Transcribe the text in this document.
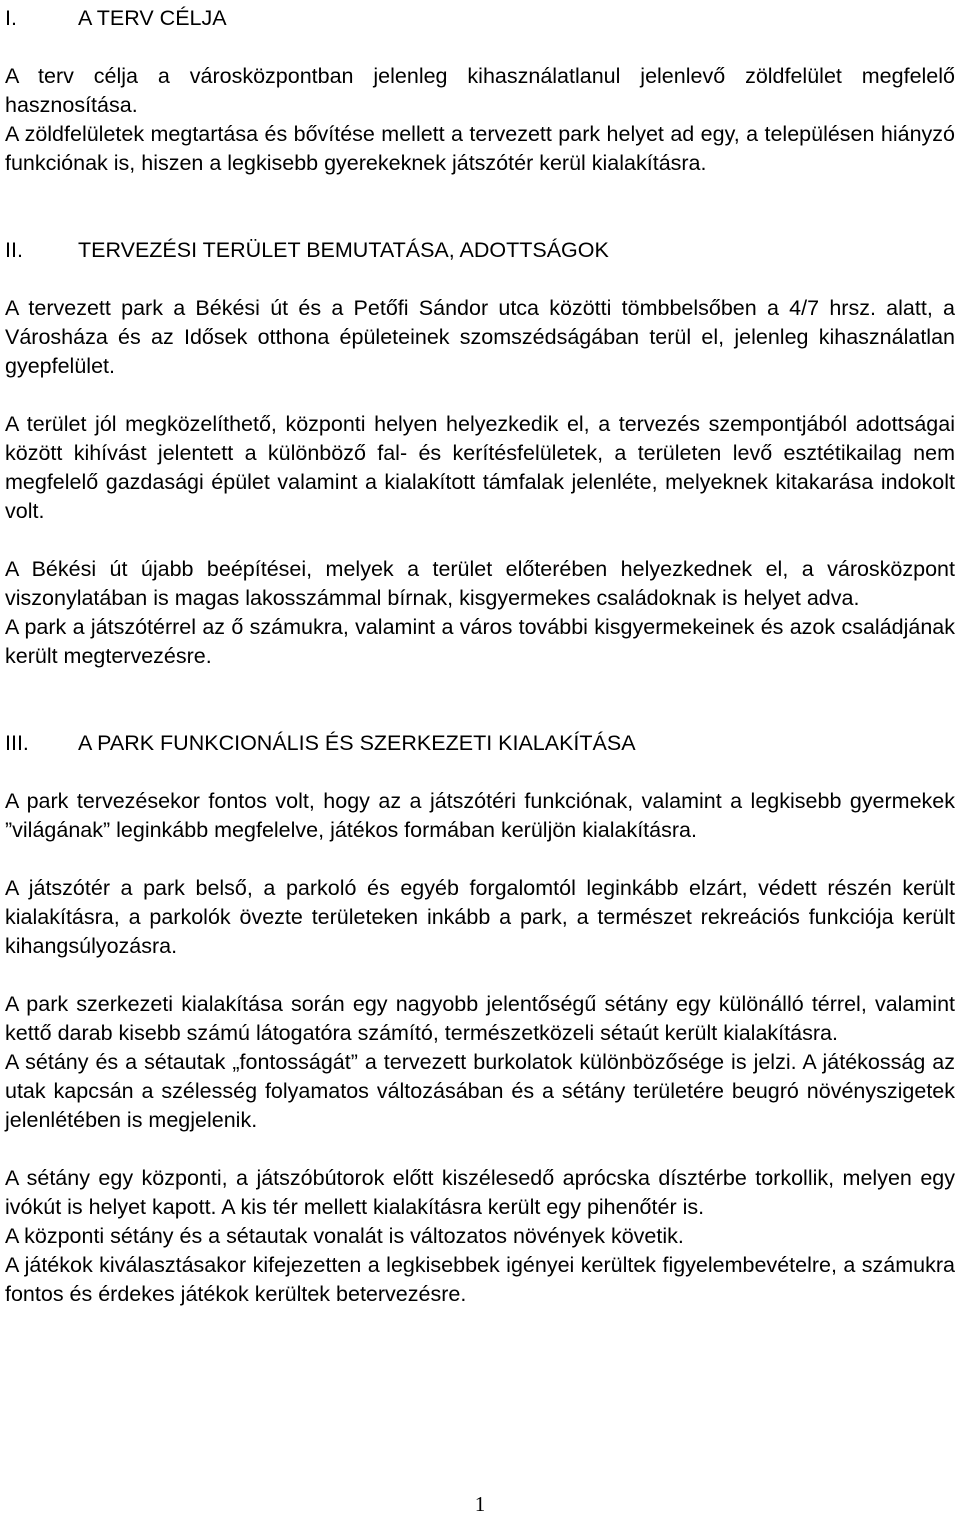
I.	A TERV CÉLJA

A terv célja a városközpontban jelenleg kihasználatlanul jelenlevő zöldfelület megfelelő hasznosítása.

A zöldfelületek megtartása és bővítése mellett a tervezett park helyet ad egy, a településen hiányzó funkciónak is, hiszen a legkisebb gyerekeknek játszótér kerül kialakításra.

II.	TERVEZÉSI TERÜLET BEMUTATÁSA, ADOTTSÁGOK

A tervezett park a Békési út és a Petőfi Sándor utca közötti tömbbelsőben a 4/7 hrsz. alatt, a Városháza és az Idősek otthona épületeinek szomszédságában terül el, jelenleg kihasználatlan gyepfelület.

A terület jól megközelíthető, központi helyen helyezkedik el, a tervezés szempontjából adottságai között kihívást jelentett a különböző fal- és kerítésfelületek, a területen levő esztétikailag nem megfelelő gazdasági épület valamint a kialakított támfalak jelenléte, melyeknek kitakarása indokolt volt.

A Békési út újabb beépítései, melyek a terület előterében helyezkednek el, a városközpont viszonylatában is magas lakosszámmal bírnak, kisgyermekes családoknak is helyet adva.

A park a játszótérrel az ő számukra, valamint a város további kisgyermekeinek és azok családjának került megtervezésre.

III.	A PARK FUNKCIONÁLIS ÉS SZERKEZETI KIALAKÍTÁSA

A park tervezésekor fontos volt, hogy az a játszótéri funkciónak, valamint a legkisebb gyermekek ”világának” leginkább megfelelve, játékos formában kerüljön kialakításra.

A játszótér a park belső, a parkoló és egyéb forgalomtól leginkább elzárt, védett részén került kialakításra, a parkolók övezte területeken inkább a park, a természet rekreációs funkciója került kihangsúlyozásra.

A park szerkezeti kialakítása során egy nagyobb jelentőségű sétány egy különálló térrel, valamint kettő darab kisebb számú látogatóra számító, természetközeli sétaút került kialakításra.

A sétány és a sétautak „fontosságát” a tervezett burkolatok különbözősége is jelzi. A játékosság az utak kapcsán a szélesség folyamatos változásában és a sétány területére beugró növényszigetek jelenlétében is megjelenik.

A sétány egy központi, a játszóbútorok előtt kiszélesedő aprócska dísztérbe torkollik, melyen egy ivókút is helyet kapott. A kis tér mellett kialakításra került egy pihenőtér is.

A központi sétány és a sétautak vonalát is változatos növények követik.

A játékok kiválasztásakor kifejezetten a legkisebbek igényei kerültek figyelembevételre, a számukra fontos és érdekes játékok kerültek betervezésre.

1
